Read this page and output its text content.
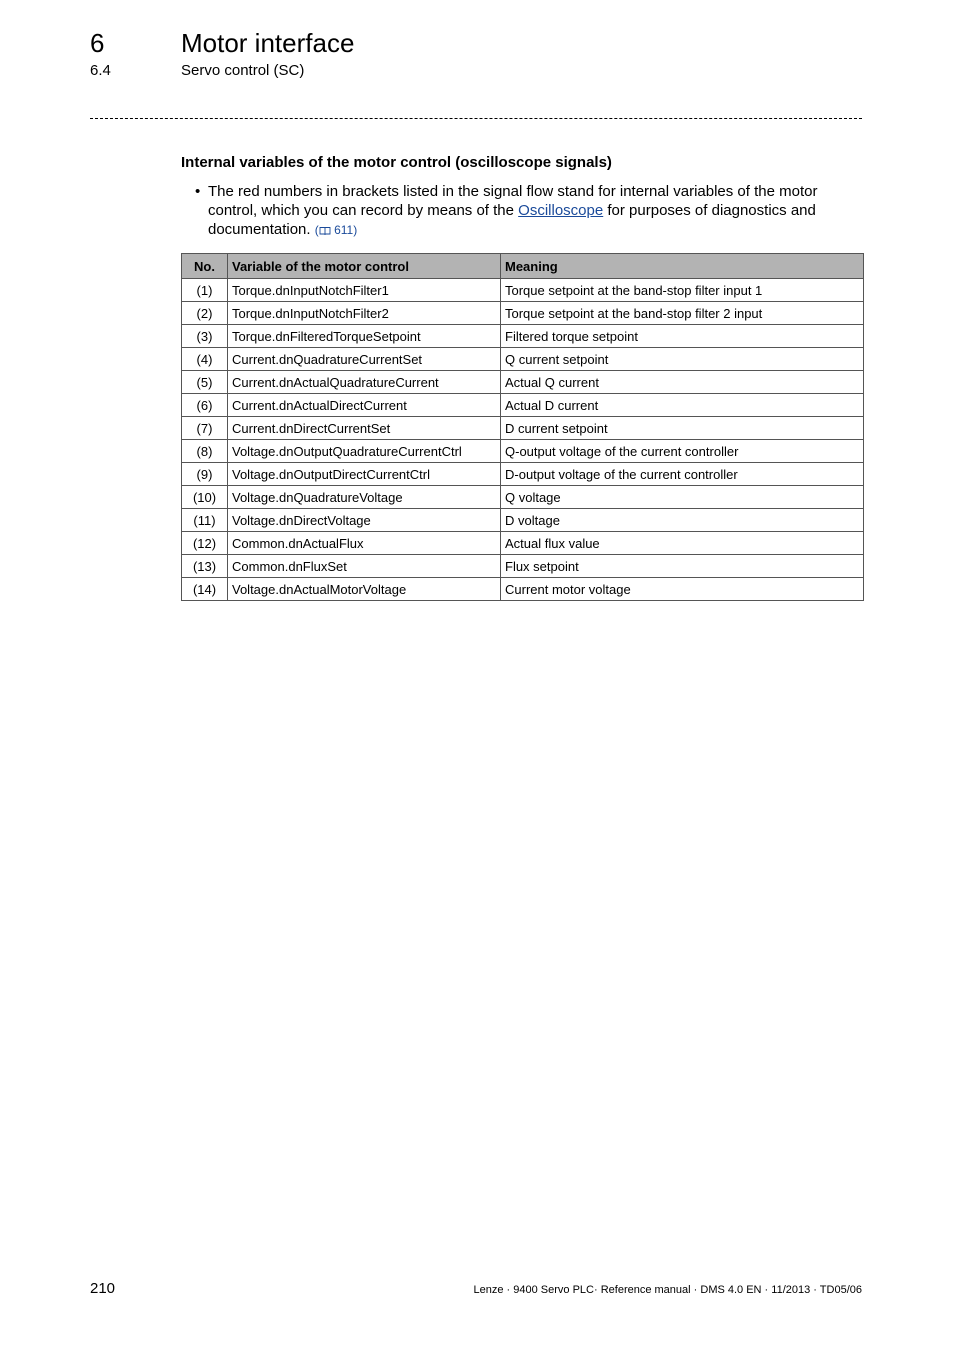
6	Motor interface
6.4	Servo control (SC)
Internal variables of the motor control (oscilloscope signals)
• The red numbers in brackets listed in the signal flow stand for internal variables of the motor control, which you can record by means of the Oscilloscope for purposes of diagnostics and documentation. ( 611)
No.	Variable of the motor control	Meaning
(1)	Torque.dnInputNotchFilter1	Torque setpoint at the band-stop filter input 1
(2)	Torque.dnInputNotchFilter2	Torque setpoint at the band-stop filter 2 input
(3)	Torque.dnFilteredTorqueSetpoint	Filtered torque setpoint
(4)	Current.dnQuadratureCurrentSet	Q current setpoint
(5)	Current.dnActualQuadratureCurrent	Actual Q current
(6)	Current.dnActualDirectCurrent	Actual D current
(7)	Current.dnDirectCurrentSet	D current setpoint
(8)	Voltage.dnOutputQuadratureCurrentCtrl	Q-output voltage of the current controller
(9)	Voltage.dnOutputDirectCurrentCtrl	D-output voltage of the current controller
(10)	Voltage.dnQuadratureVoltage	Q voltage
(11)	Voltage.dnDirectVoltage	D voltage
(12)	Common.dnActualFlux	Actual flux value
(13)	Common.dnFluxSet	Flux setpoint
(14)	Voltage.dnActualMotorVoltage	Current motor voltage
210	Lenze · 9400 Servo PLC· Reference manual · DMS 4.0 EN · 11/2013 · TD05/06
